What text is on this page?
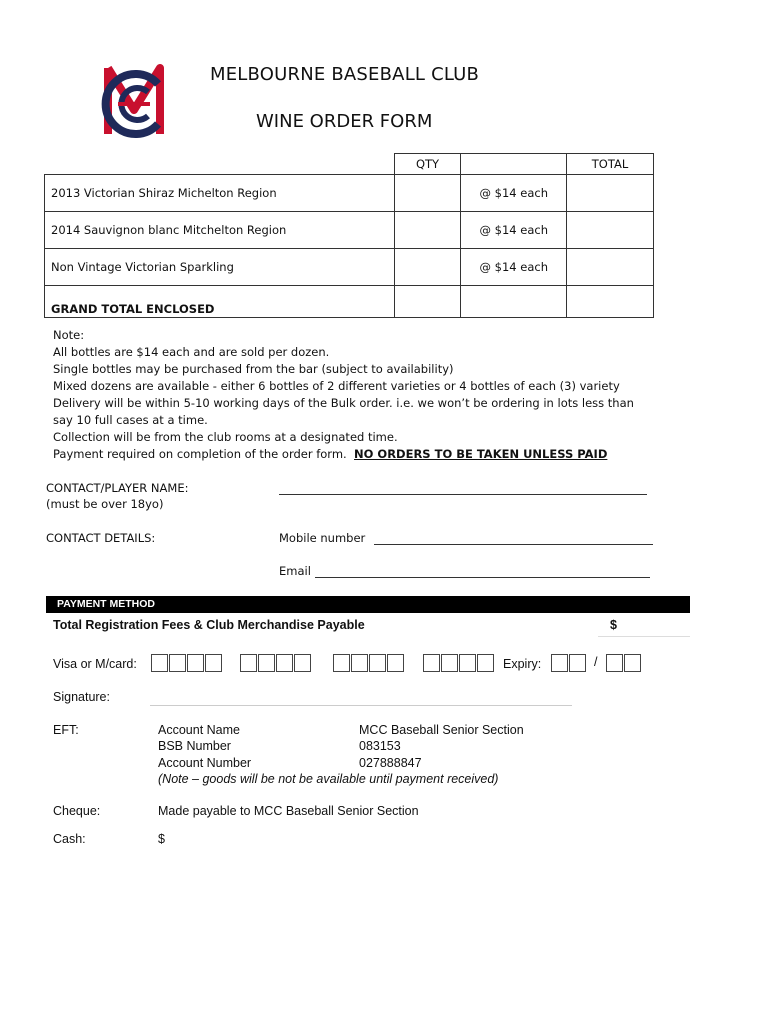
MELBOURNE BASEBALL CLUB
WINE ORDER FORM
	QTY		TOTAL
2013 Victorian Shiraz Michelton Region		@ $14 each	
2014 Sauvignon blanc Mitchelton Region		@ $14 each	
Non Vintage Victorian Sparkling		@ $14 each	
GRAND TOTAL ENCLOSED			
Note:
All bottles are $14 each and are sold per dozen.
Single bottles may be purchased from the bar (subject to availability)
Mixed dozens are available - either 6 bottles of 2 different varieties or 4 bottles of each (3) variety
Delivery will be within 5-10 working days of the Bulk order. i.e. we won’t be ordering in lots less than
say 10 full cases at a time.
Collection will be from the club rooms at a designated time.
Payment required on completion of the order form. NO ORDERS TO BE TAKEN UNLESS PAID
CONTACT/PLAYER NAME:
(must be over 18yo)
CONTACT DETAILS:	Mobile number
Email
PAYMENT METHOD
Total Registration Fees & Club Merchandise Payable	$
Visa or M/card:	Expiry:	/
Signature:
EFT:	Account Name	MCC Baseball Senior Section
BSB Number	083153
Account Number	027888847
(Note – goods will be not be available until payment received)
Cheque:	Made payable to MCC Baseball Senior Section
Cash:	$
